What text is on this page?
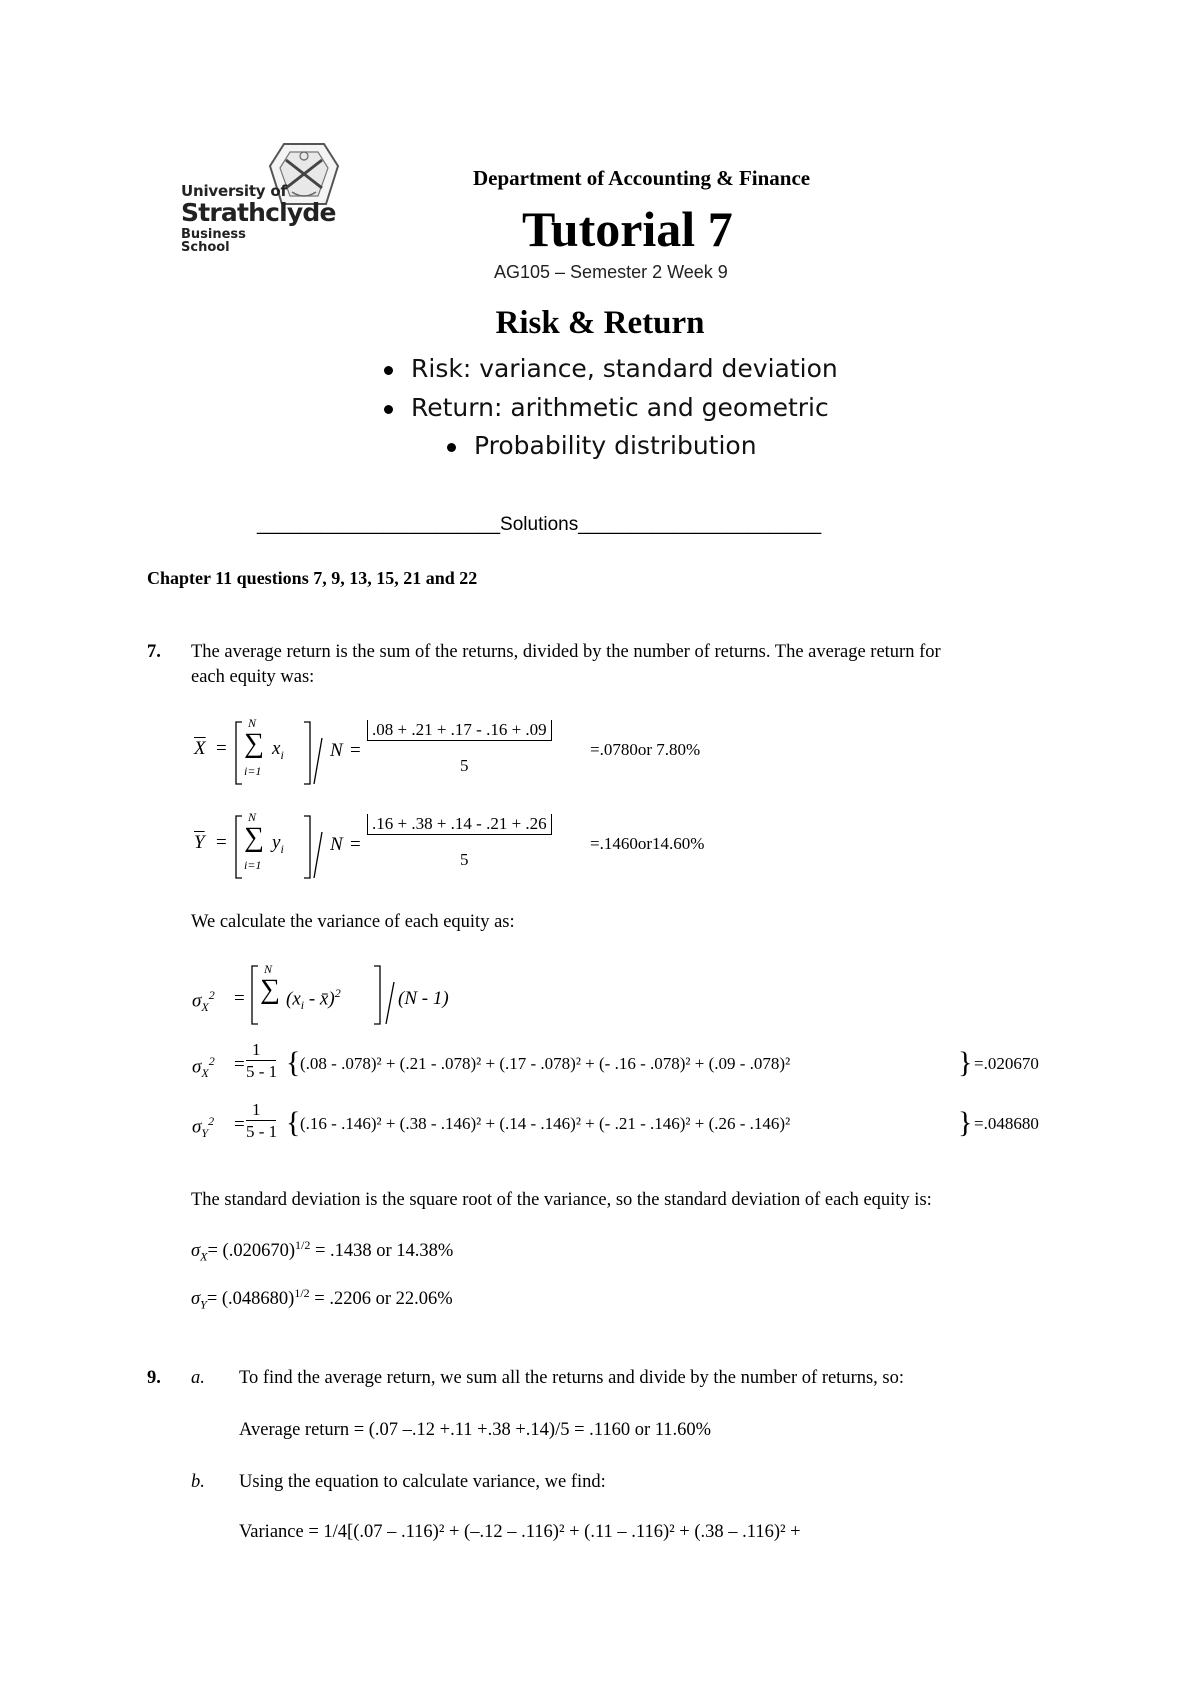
University of
Strathclyde
Business
School
Department of Accounting & Finance
Tutorial 7
AG105 – Semester 2 Week 9
Risk & Return
Risk: variance, standard deviation
Return: arithmetic and geometric
Probability distribution
_______________________Solutions_______________________
Chapter 11 questions 7, 9, 13, 15, 21 and 22
7. The average return is the sum of the returns, divided by the number of returns. The average return for
each equity was:
$\overline{X}$ =
N
∑ $x_i$
i=1
N =
.08 + .21 + .17 - .16 + .09
5
=.0780or 7.80%
$\overline{Y}$ =
N
∑ $y_i$
i=1
N =
.16 + .38 + .14 - .21 + .26
5
=.1460or14.60%
We calculate the variance of each equity as:
$\sigma_X^2$ =
N
∑ ($x_i$ - x̄)$^2$	(N - 1)
$\sigma_X^2$ =
1
5 - 1 { (.08 - .078)² + (.21 - .078)² + (.17 - .078)² + (- .16 - .078)² + (.09 - .078)²	} =.020670
$\sigma_Y^2$ =
1
5 - 1 { (.16 - .146)² + (.38 - .146)² + (.14 - .146)² + (- .21 - .146)² + (.26 - .146)²	} =.048680
The standard deviation is the square root of the variance, so the standard deviation of each equity is:
$\sigma_X= (.020670)^{1/2} = .1438$ or 14.38%
$\sigma_Y= (.048680)^{1/2} = .2206$ or 22.06%
9. a. To find the average return, we sum all the returns and divide by the number of returns, so:
Average return = (.07 –.12 +.11 +.38 +.14)/5 = .1160 or 11.60%
b. Using the equation to calculate variance, we find:
Variance = 1/4[(.07 – .116)² + (–.12 – .116)² + (.11 – .116)² + (.38 – .116)² +
